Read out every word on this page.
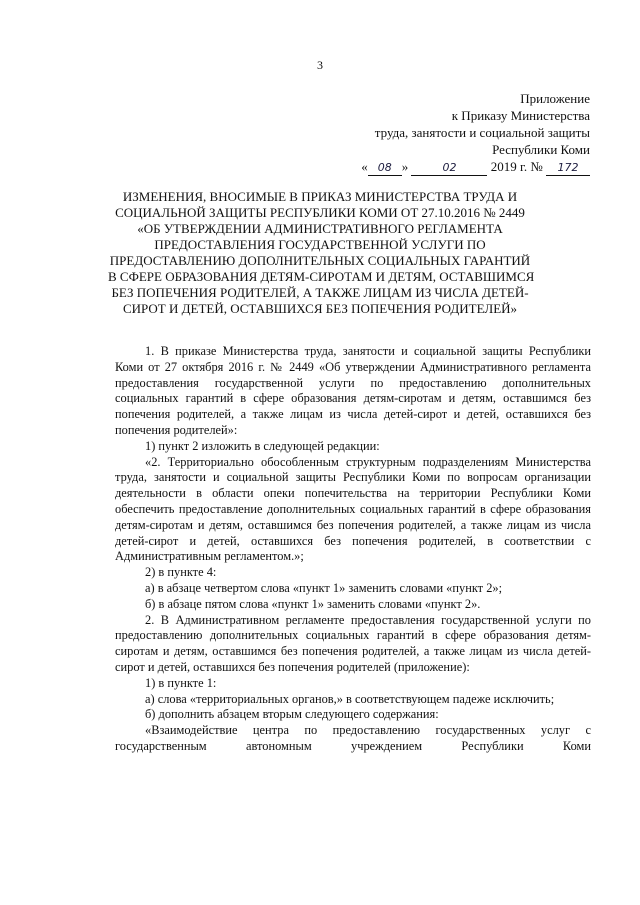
3
Приложение
к Приказу Министерства
труда, занятости и социальной защиты
Республики Коми
« 08 »	02	2019 г. № 172
ИЗМЕНЕНИЯ, ВНОСИМЫЕ В ПРИКАЗ МИНИСТЕРСТВА ТРУДА И
СОЦИАЛЬНОЙ ЗАЩИТЫ РЕСПУБЛИКИ КОМИ ОТ 27.10.2016 № 2449
«ОБ УТВЕРЖДЕНИИ АДМИНИСТРАТИВНОГО РЕГЛАМЕНТА
ПРЕДОСТАВЛЕНИЯ ГОСУДАРСТВЕННОЙ УСЛУГИ ПО
ПРЕДОСТАВЛЕНИЮ ДОПОЛНИТЕЛЬНЫХ СОЦИАЛЬНЫХ ГАРАНТИЙ
В СФЕРЕ ОБРАЗОВАНИЯ ДЕТЯМ-СИРОТАМ И ДЕТЯМ, ОСТАВШИМСЯ
БЕЗ ПОПЕЧЕНИЯ РОДИТЕЛЕЙ, А ТАКЖЕ ЛИЦАМ ИЗ ЧИСЛА ДЕТЕЙ-
СИРОТ И ДЕТЕЙ, ОСТАВШИХСЯ БЕЗ ПОПЕЧЕНИЯ РОДИТЕЛЕЙ»

1. В приказе Министерства труда, занятости и социальной защиты Республики Коми от 27 октября 2016 г. № 2449 «Об утверждении Административного регламента предоставления государственной услуги по предоставлению дополнительных социальных гарантий в сфере образования детям-сиротам и детям, оставшимся без попечения родителей, а также лицам из числа детей-сирот и детей, оставшихся без попечения родителей»:

1) пункт 2 изложить в следующей редакции:

«2. Территориально обособленным структурным подразделениям Министерства труда, занятости и социальной защиты Республики Коми по вопросам организации деятельности в области опеки попечительства на территории Республики Коми обеспечить предоставление дополнительных социальных гарантий в сфере образования детям-сиротам и детям, оставшимся без попечения родителей, а также лицам из числа детей-сирот и детей, оставшихся без попечения родителей, в соответствии с Административным регламентом.»;

2) в пункте 4:

а) в абзаце четвертом слова «пункт 1» заменить словами «пункт 2»;

б) в абзаце пятом слова «пункт 1» заменить словами «пункт 2».

2. В Административном регламенте предоставления государственной услуги по предоставлению дополнительных социальных гарантий в сфере образования детям-сиротам и детям, оставшимся без попечения родителей, а также лицам из числа детей-сирот и детей, оставшихся без попечения родителей (приложение):

1) в пункте 1:

а) слова «территориальных органов,» в соответствующем падеже исключить;

б) дополнить абзацем вторым следующего содержания:

«Взаимодействие центра по предоставлению государственных услуг с государственным автономным учреждением Республики Коми
